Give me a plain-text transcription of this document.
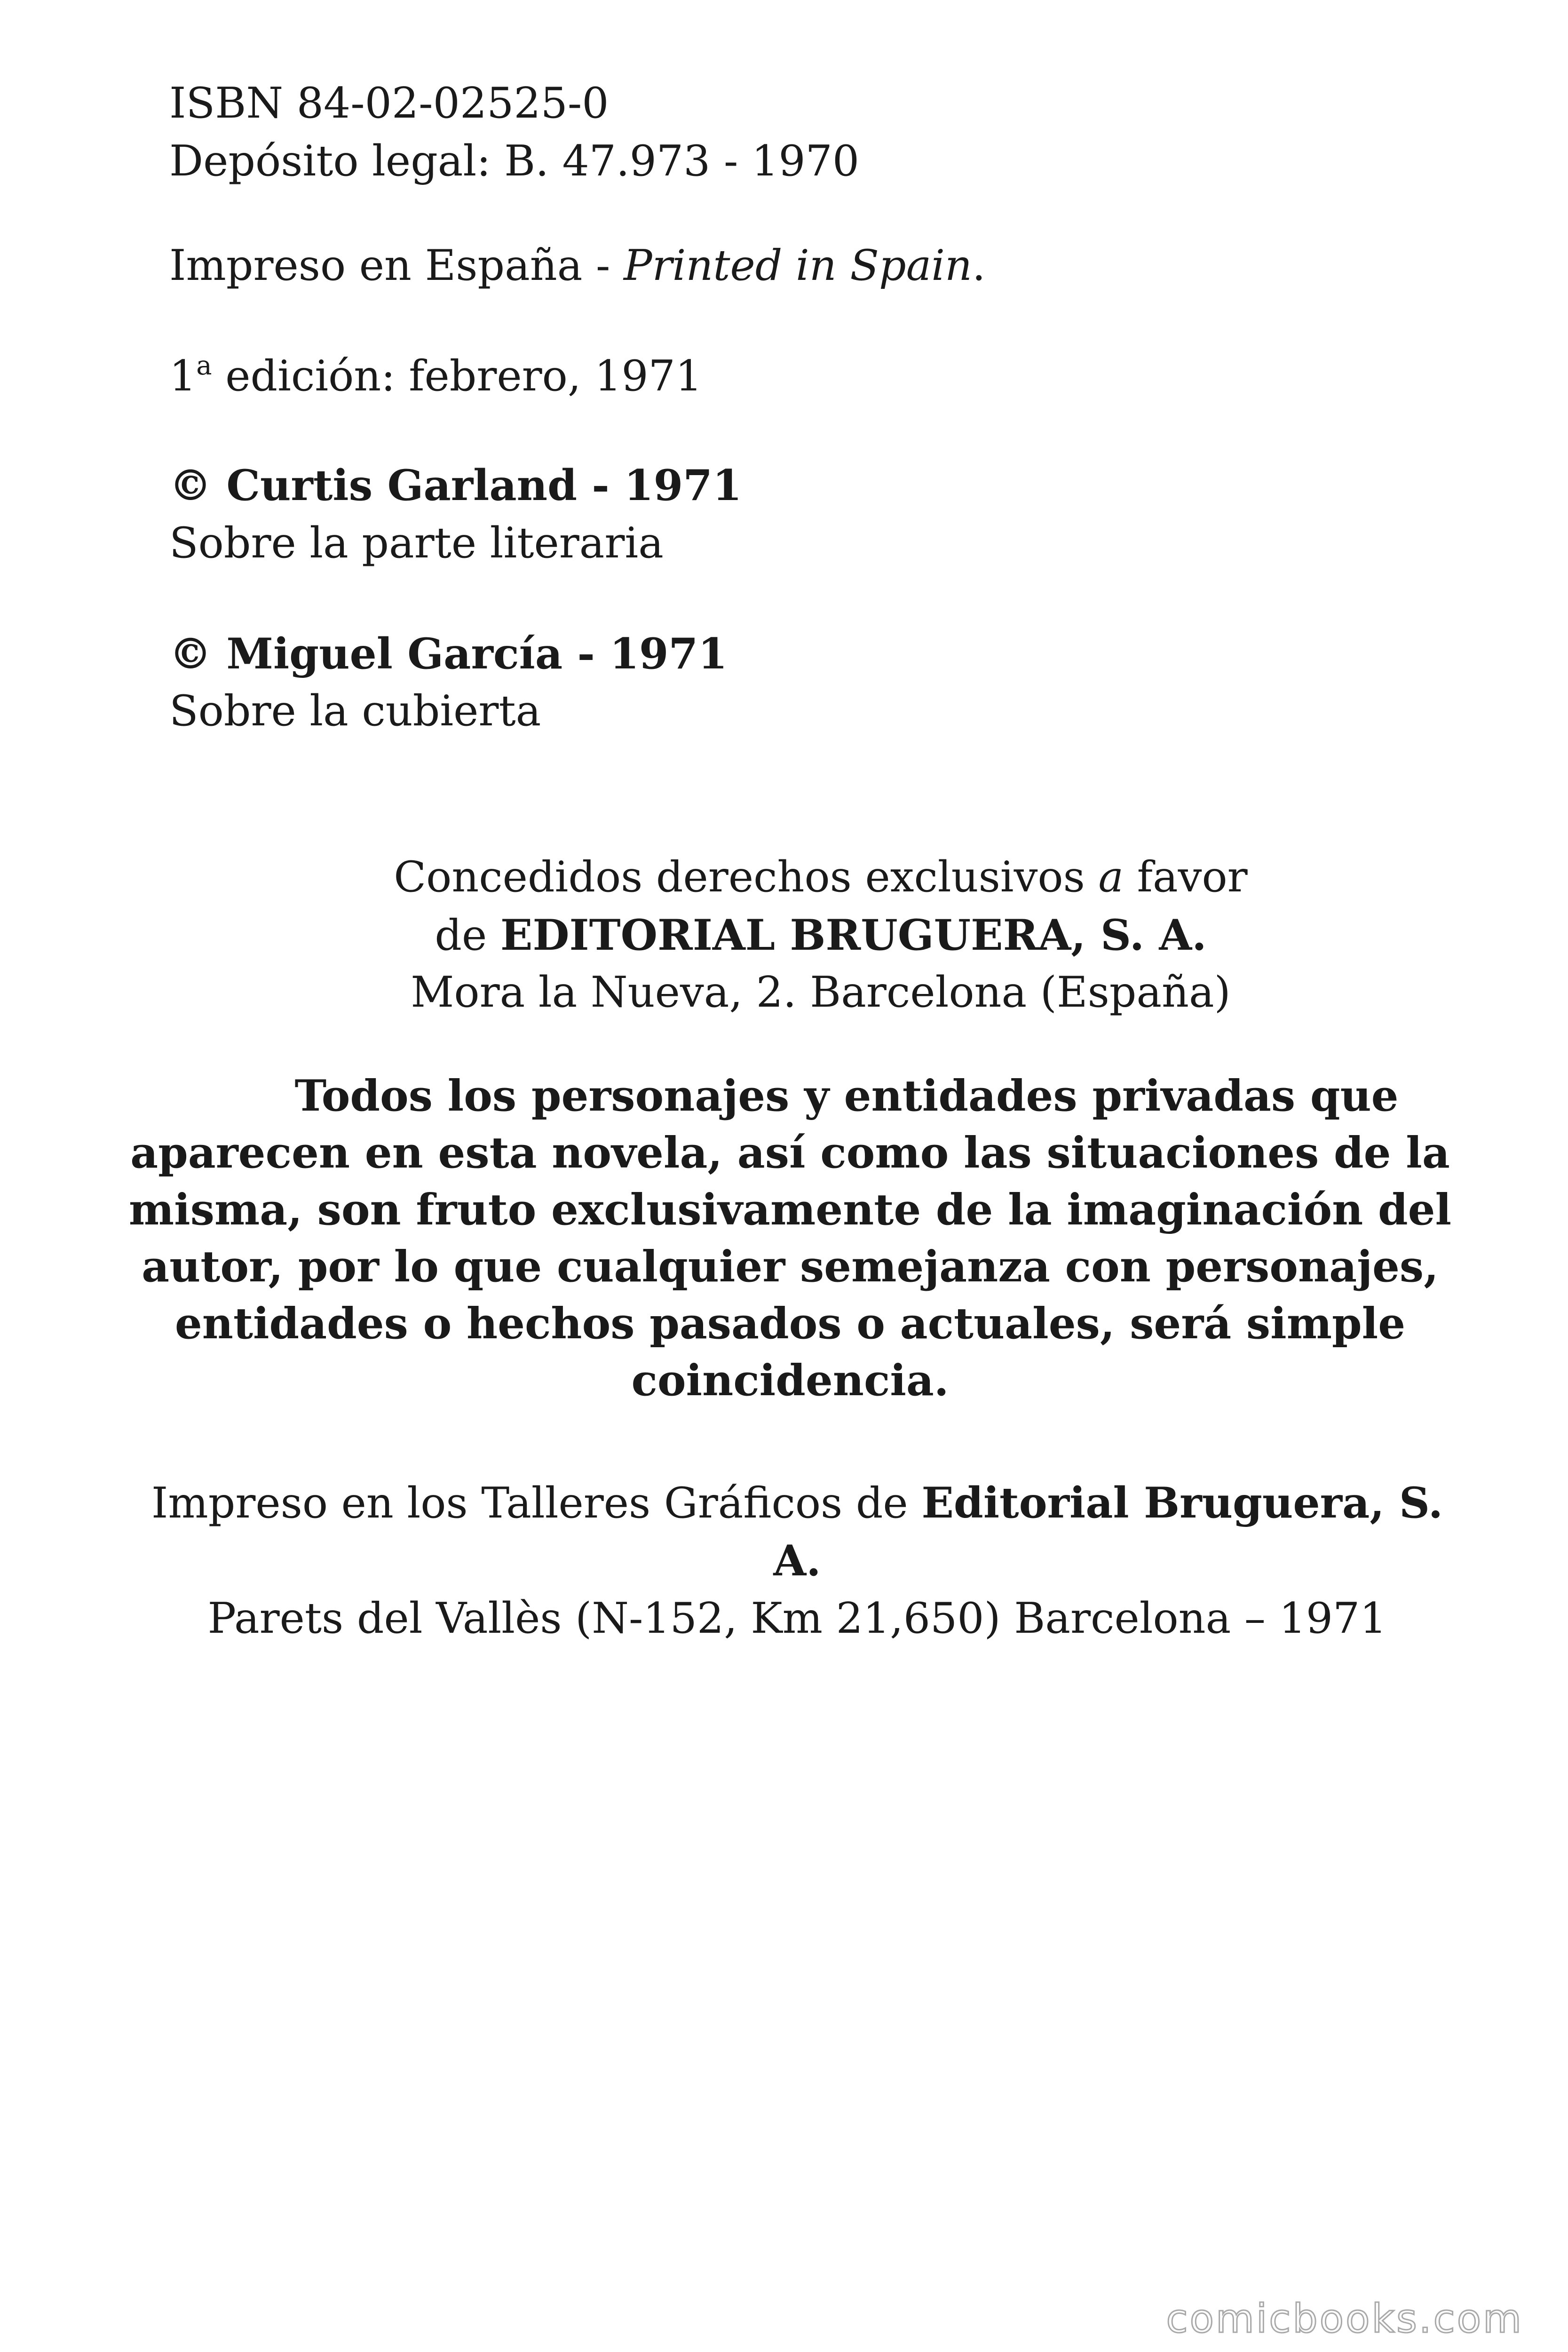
ISBN 84-02-02525-0

Depósito legal: B. 47.973 - 1970

Impreso en España - Printed in Spain.

1$^a$ edición: febrero, 1971

© Curtis Garland - 1971

Sobre la parte literaria

© Miguel García - 1971

Sobre la cubierta

Concedidos derechos exclusivos a favor

de EDITORIAL BRUGUERA, S. A.

Mora la Nueva, 2. Barcelona (España)

Todos los personajes y entidades privadas que aparecen en esta novela, así como las situaciones de la misma, son fruto exclusivamente de la imaginación del autor, por lo que cualquier semejanza con personajes, entidades o hechos pasados o actuales, será simple coincidencia.

Impreso en los Talleres Gráficos de Editorial Bruguera, S.

A.

Parets del Vallès (N-152, Km 21,650) Barcelona – 1971

comicbooks.com
